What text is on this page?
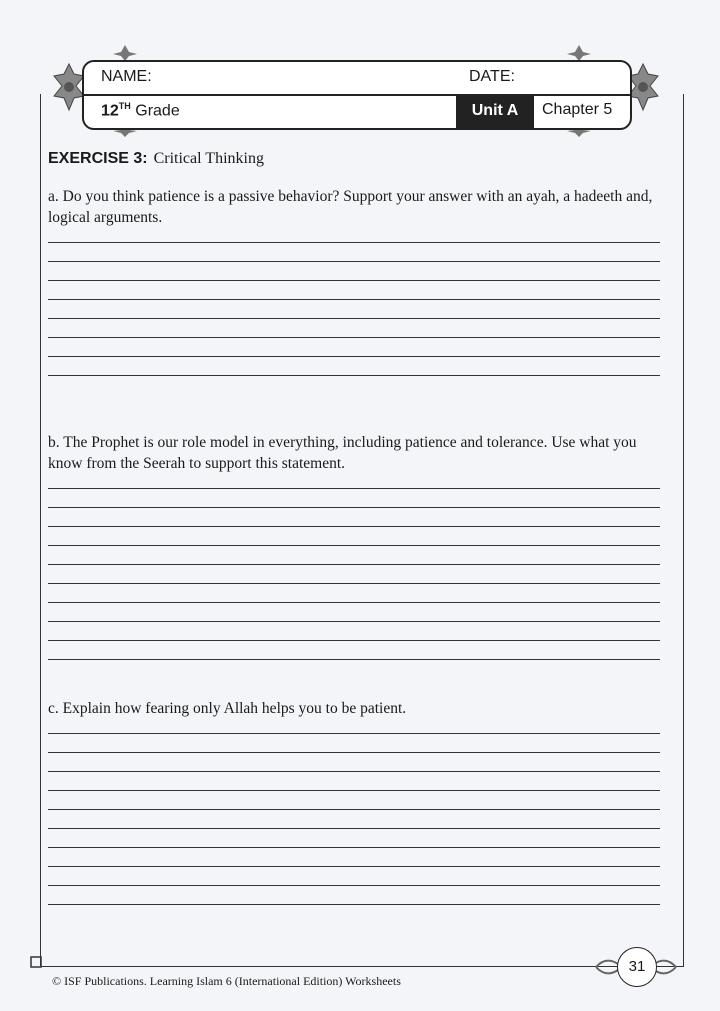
NAME:	DATE:
12TH Grade	Unit A	Chapter 5
EXERCISE 3: Critical Thinking
a. Do you think patience is a passive behavior? Support your answer with an ayah, a hadeeth and, logical arguments.
b. The Prophet is our role model in everything, including patience and tolerance. Use what you know from the Seerah to support this statement.
c. Explain how fearing only Allah helps you to be patient.
31
© ISF Publications. Learning Islam 6 (International Edition) Worksheets
